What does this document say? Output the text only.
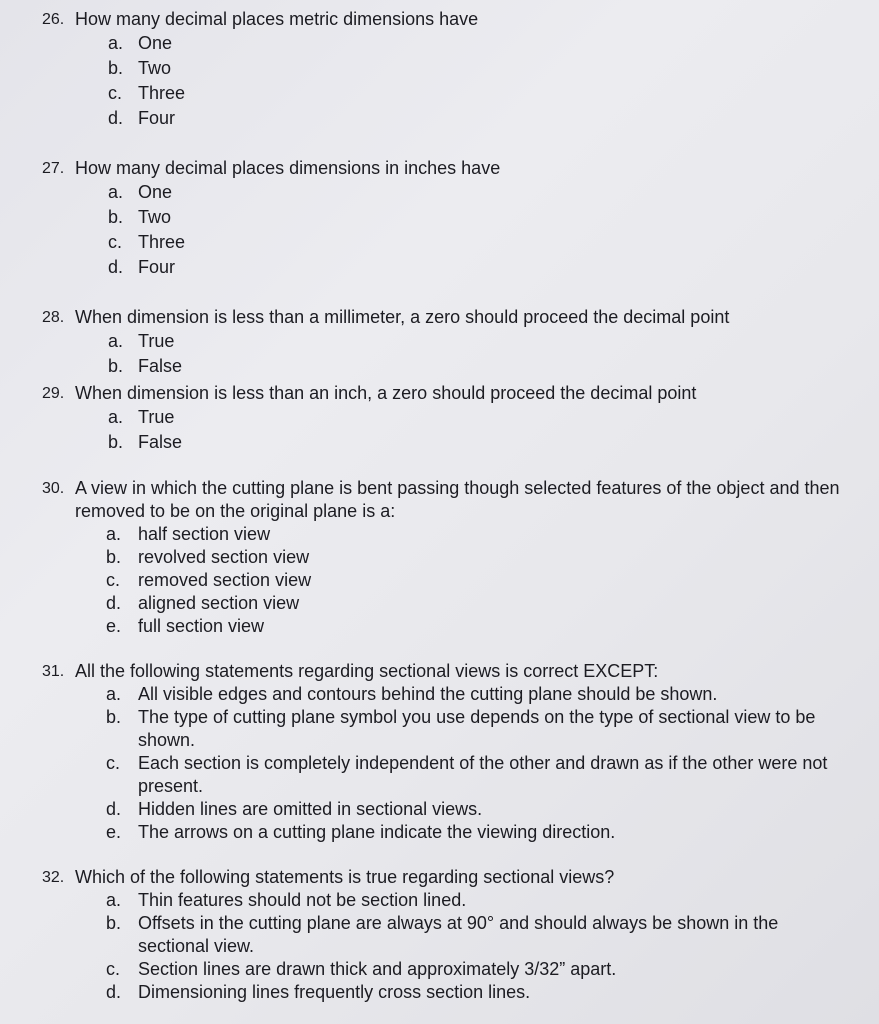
26. How many decimal places metric dimensions have
a. One
b. Two
c. Three
d. Four
27. How many decimal places dimensions in inches have
a. One
b. Two
c. Three
d. Four
28. When dimension is less than a millimeter, a zero should proceed the decimal point
a. True
b. False
29. When dimension is less than an inch, a zero should proceed the decimal point
a. True
b. False
30. A view in which the cutting plane is bent passing though selected features of the object and then removed to be on the original plane is a:
a. half section view
b. revolved section view
c. removed section view
d. aligned section view
e. full section view
31. All the following statements regarding sectional views is correct EXCEPT:
a. All visible edges and contours behind the cutting plane should be shown.
b. The type of cutting plane symbol you use depends on the type of sectional view to be shown.
c. Each section is completely independent of the other and drawn as if the other were not present.
d. Hidden lines are omitted in sectional views.
e. The arrows on a cutting plane indicate the viewing direction.
32. Which of the following statements is true regarding sectional views?
a. Thin features should not be section lined.
b. Offsets in the cutting plane are always at 90° and should always be shown in the sectional view.
c. Section lines are drawn thick and approximately 3/32” apart.
d. Dimensioning lines frequently cross section lines.
